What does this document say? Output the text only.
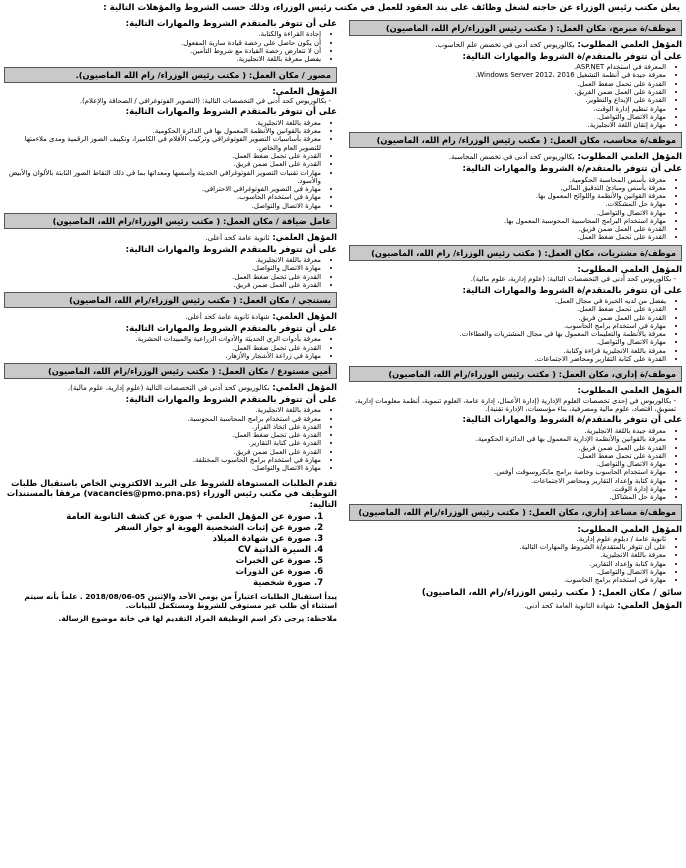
يعلن مكتب رئيس الوزراء عن حاجته لشغل وظائف على بند العقود للعمل في مكتب رئيس الوزراء، وذلك حسب الشروط والمؤهلات التالية :
موظف/ة مبرمج، مكان العمل: ( مكتب رئيس الوزراء/رام الله، الماصيون)
المؤهل العلمي المطلوب: بكالوريوس كحد أدنى في تخصص علم الحاسوب.
على أن تتوفر بالمتقدم/ة الشروط والمهارات التالية:
• المعرفة في استخدام ASP.NET.
• معرفة جيدة في أنظمة التشغيل Windows Server 2012، 2016.
• القدرة على تحمل ضغط العمل.
• القدرة على العمل ضمن الفريق.
• القدرة على الإبداع والتطوير.
• مهارة تنظيم إدارة الوقت.
• مهارة الاتصال والتواصل.
• مهارة إتقان اللغة الانجليزية.
موظف/ة محاسب، مكان العمل: ( مكتب رئيس الوزراء/ رام الله، الماصيون)
المؤهل العلمي المطلوب: بكالوريوس كحد أدنى في تخصص المحاسبة.
على أن تتوفر بالمتقدم/ة الشروط والمهارات التالية:
• معرفة بأسس المحاسبة الحكومية.
• معرفة بأسس ومبادئ التدقيق المالي.
• معرفة القوانين والأنظمة واللوائح المعمول بها.
• مهارة حل المشكلات.
• مهارة الاتصال والتواصل.
• مهارة استخدام البرامج المحاسبية المحوسبة المعمول بها.
• القدرة على العمل ضمن فريق.
• القدرة على تحمل ضغط العمل.
موظف/ة مشتريات، مكان العمل: ( مكتب رئيس الوزراء/ رام الله، الماصيون)
المؤهل العلمي المطلوب:
- بكالوريوس كحد أدنى في التخصصات التالية: (علوم إدارية، علوم مالية).
على أن تتوفر بالمتقدم/ة الشروط والمهارات التالية:
• يفضل من لديه الخبرة في مجال العمل.
• القدرة على تحمل ضغط العمل.
• القدرة على العمل ضمن فريق.
• مهارة في استخدام برامج الحاسوب.
• معرفة بالأنظمة والتعليمات المعمول بها في مجال المشتريات والعطاءات.
• مهارة الاتصال والتواصل.
• معرفة باللغة الانجليزية قراءة وكتابة.
• القدرة على كتابة التقارير ومحاضر الاجتماعات.
موظف/ة إداري، مكان العمل: ( مكتب رئيس الوزراء/رام الله، الماصيون)
المؤهل العلمي المطلوب:
- بكالوريوس في إحدى تخصصات العلوم الإدارية (إدارة الأعمال، إدارة عامة، العلوم تنموية، أنظمة معلومات إدارية، تسويق، اقتصاد، علوم مالية ومصرفية، بناء مؤسسات، الإدارة تقنية).
على أن تتوفر بالمتقدم/ة الشروط والمهارات التالية:
• معرفة جيدة باللغة الانجليزية.
• معرفة بالقوانين والأنظمة الإدارية المعمول بها في الدائرة الحكومية.
• القدرة على العمل ضمن فريق.
• القدرة على تحمل ضغط العمل.
• مهارة الاتصال والتواصل.
• مهارة استخدام الحاسوب وخاصة برامج مايكروسوفت أوفس.
• مهارة كتابة وإعداد التقارير ومحاضر الاجتماعات.
• مهارة إدارة الوقت.
• مهارة حل المشاكل.
موظف/ة مساعد إداري، مكان العمل: ( مكتب رئيس الوزراء/رام الله، الماصيون)
المؤهل العلمي المطلوب:
• ثانوية عامة / دبلوم علوم إدارية.
• على أن تتوفر بالمتقدم/ة الشروط والمهارات التالية.
• معرفة باللغة الانجليزية.
• مهارة كتابة وإعداد التقارير.
• مهارة الاتصال والتواصل.
• مهارة في استخدام برامج الحاسوب.
سائق / مكان العمل: ( مكتب رئيس الوزراء/رام الله، الماصيون)
المؤهل العلمي: شهادة الثانوية العامة كحد أدنى.
على أن تتوفر بالمتقدم الشروط والمهارات التالية:
• إجادة القراءة والكتابة.
• أن يكون حاصل على رخصة قيادة سارية المفعول.
• أن لا تتعارض رخصة القيادة مع شروط التأمين.
• يفضل معرفة باللغة الانجليزية.
مصور / مكان العمل: ( مكتب رئيس الوزراء/ رام الله الماصيون).
المؤهل العلمي:
- بكالوريوس كحد أدنى في التخصصات التالية: (التصوير الفوتوغرافي / الصحافة والإعلام).
على أن تتوفر بالمتقدم الشروط والمهارات التالية:
• معرفة باللغة الانجليزية.
• معرفة بالقوانين والأنظمة المعمول بها في الدائرة الحكومية.
• معرفة بأساسيات التصوير الفوتوغرافي وتركيب الأفلام في الكاميرا، وتكييف الصور الرقمية ومدى ملاءمتها للتصوير العام والخاص.
• القدرة على تحمل ضغط العمل.
• القدرة على العمل ضمن فريق.
• مهارات تقنيات التصوير الفوتوغرافي الحديثة وأسسها ومعداتها بما في ذلك التقاط الصور الثابتة بالألوان والأبيض والأسود.
• مهارة في التصوير الفوتوغرافي الاحترافي.
• مهارة في استخدام الحاسوب.
• مهارة الاتصال والتواصل.
عامل ضيافة / مكان العمل: ( مكتب رئيس الوزراء/رام الله، الماصيون)
المؤهل العلمي: ثانوية عامة كحد أعلى.
على أن تتوفر بالمتقدم الشروط والمهارات التالية:
• معرفة باللغة الانجليزية.
• مهارة الاتصال والتواصل.
• القدرة على تحمل ضغط العمل.
• القدرة على العمل ضمن فريق.
بستنجي / مكان العمل: ( مكتب رئيس الوزراء/رام الله، الماصيون)
المؤهل العلمي: شهادة ثانوية عامة كحد أعلى.
على أن تتوفر بالمتقدم الشروط والمهارات التالية:
• معرفة بأدوات الري الحديثة والأدوات الزراعية والمبيدات الحشرية.
• القدرة على تحمل ضغط العمل.
• مهارة في زراعة الأشجار والأزهار.
أمين مستودع / مكان العمل: ( مكتب رئيس الوزراء/رام الله، الماصيون)
المؤهل العلمي: بكالوريوس كحد أدنى في التخصصات التالية (علوم إدارية، علوم مالية).
على أن تتوفر بالمتقدم الشروط والمهارات التالية:
• معرفة باللغة الانجليزية.
• معرفة في استخدام برامج المحاسبة المحوسبة.
• القدرة على اتخاذ القرار.
• القدرة على تحمل ضغط العمل.
• القدرة على كتابة التقارير.
• القدرة على العمل ضمن فريق.
• مهارة في استخدام برامج الحاسوب المختلفة.
• مهارة الاتصال والتواصل.
تقدم الطلبات المستوفاة للشروط على البريد الالكتروني الخاص باستقبال طلبات التوظيف في مكتب رئيس الوزراء (vacancies@pmo.pna.ps) مرفقا بالمستندات التالية:
1. صورة عن المؤهل العلمي + صورة عن كشف الثانوية العامة
2. صورة عن إثبات الشخصية الهوية او جواز السفر
3. صورة عن شهادة الميلاد
4. السيرة الذاتية CV
5. صورة عن الخبرات
6. صورة عن الدورات
7. صورة شخصية
يبدأ استقبال الطلبات اعتباراً من يومي الأحد والإثنين 05-2018/08/06 . علماً بأنه سيتم استثناء أي طلب غير مستوفي للشروط ومستكمل للبيانات.
ملاحظة: يرجى ذكر اسم الوظيفة المراد التقديم لها في خانة موضوع الرسالة.
